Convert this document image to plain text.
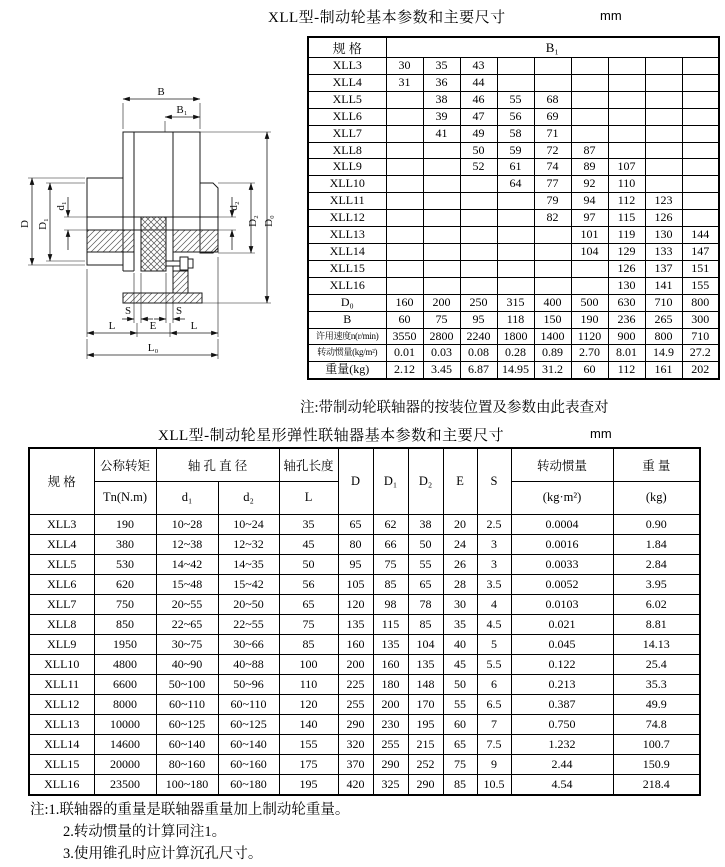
XLL型-制动轮基本参数和主要尺寸	mm
B
B₁
D D₁
d₁	d₂
D₂ D₀
S	S
L	E	L
L₀
规 格	B₁								
XLL3	30	35	43						
XLL4	31	36	44						
XLL5		38	46	55	68				
XLL6		39	47	56	69				
XLL7		41	49	58	71				
XLL8			50	59	72	87			
XLL9			52	61	74	89	107		
XLL10				64	77	92	110		
XLL11					79	94	112	123	
XLL12					82	97	115	126	
XLL13						101	119	130	144
XLL14						104	129	133	147
XLL15							126	137	151
XLL16							130	141	155
D₀	160	200	250	315	400	500	630	710	800
B	60	75	95	118	150	190	236	265	300
许用速度n(r/min)	3550	2800	2240	1800	1400	1120	900	800	710
转动惯量(kg/m²)	0.01	0.03	0.08	0.28	0.89	2.70	8.01	14.9	27.2
重量(kg)	2.12	3.45	6.87	14.95	31.2	60	112	161	202
注:带制动轮联轴器的按装位置及参数由此表查对
XLL型-制动轮星形弹性联轴器基本参数和主要尺寸	mm
规 格	公称转矩	轴 孔 直 径		轴孔长度	D	D₁	D₂	E	S	转动惯量	重 量
	Tn(N.m)	d₁	d₂	L						(kg·m²)	(kg)
XLL3	190	10~28	10~24	35	65	62	38	20	2.5	0.0004	0.90
XLL4	380	12~38	12~32	45	80	66	50	24	3	0.0016	1.84
XLL5	530	14~42	14~35	50	95	75	55	26	3	0.0033	2.84
XLL6	620	15~48	15~42	56	105	85	65	28	3.5	0.0052	3.95
XLL7	750	20~55	20~50	65	120	98	78	30	4	0.0103	6.02
XLL8	850	22~65	22~55	75	135	115	85	35	4.5	0.021	8.81
XLL9	1950	30~75	30~66	85	160	135	104	40	5	0.045	14.13
XLL10	4800	40~90	40~88	100	200	160	135	45	5.5	0.122	25.4
XLL11	6600	50~100	50~96	110	225	180	148	50	6	0.213	35.3
XLL12	8000	60~110	60~110	120	255	200	170	55	6.5	0.387	49.9
XLL13	10000	60~125	60~125	140	290	230	195	60	7	0.750	74.8
XLL14	14600	60~140	60~140	155	320	255	215	65	7.5	1.232	100.7
XLL15	20000	80~160	60~160	175	370	290	252	75	9	2.44	150.9
XLL16	23500	100~180	60~180	195	420	325	290	85	10.5	4.54	218.4
注:1.联轴器的重量是联轴器重量加上制动轮重量。
2.转动惯量的计算同注1。
3.使用锥孔时应计算沉孔尺寸。
